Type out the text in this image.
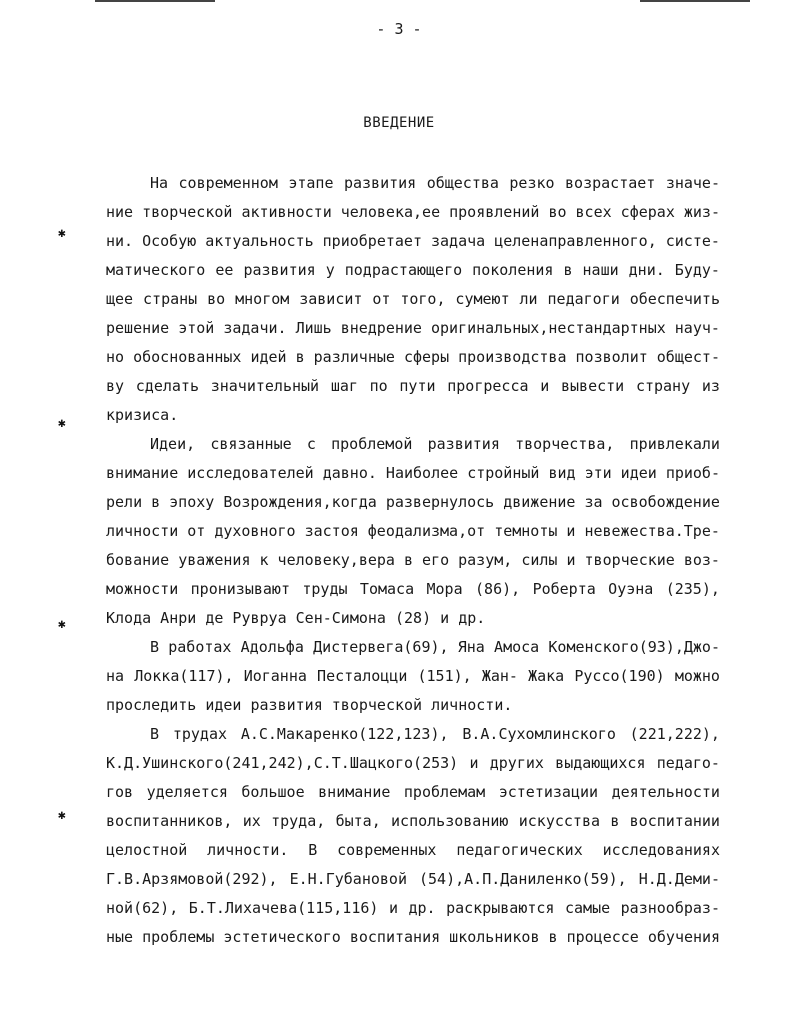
- 3 -
ВВЕДЕНИЕ
На современном этапе развития общества резко возрастает значе-
ние творческой активности человека,ее проявлений во всех сферах жиз-
ни. Особую актуальность приобретает задача целенаправленного, систе-
матического ее развития у подрастающего поколения в наши дни. Буду-
щее страны во многом зависит от того, сумеют ли педагоги обеспечить
решение этой задачи. Лишь внедрение оригинальных,нестандартных науч-
но обоснованных идей в различные сферы производства позволит общест-
ву сделать значительный шаг по пути прогресса и вывести страну из
кризиса.
Идеи, связанные с проблемой развития творчества, привлекали
внимание исследователей давно. Наиболее стройный вид эти идеи приоб-
рели в эпоху Возрождения,когда развернулось движение за освобождение
личности от духовного застоя феодализма,от темноты и невежества.Тре-
бование уважения к человеку,вера в его разум, силы и творческие воз-
можности пронизывают труды Томаса Мора (86), Роберта Оуэна (235),
Клода Анри де Рувруа Сен-Симона (28) и др.
В работах Адольфа Дистервега(69), Яна Амоса Коменского(93),Джо-
на Локка(117), Иоганна Песталоцци (151), Жан- Жака Руссо(190) можно
проследить идеи развития творческой личности.
В трудах А.С.Макаренко(122,123), В.А.Сухомлинского (221,222),
К.Д.Ушинского(241,242),С.Т.Шацкого(253) и других выдающихся педаго-
гов уделяется большое внимание проблемам эстетизации деятельности
воспитанников, их труда, быта, использованию искусства в воспитании
целостной личности. В современных педагогических исследованиях
Г.В.Арзямовой(292), Е.Н.Губановой (54),А.П.Даниленко(59), Н.Д.Деми-
ной(62), Б.Т.Лихачева(115,116) и др. раскрываются самые разнообраз-
ные проблемы эстетического воспитания школьников в процессе обучения
✱
✱
✱
✱
